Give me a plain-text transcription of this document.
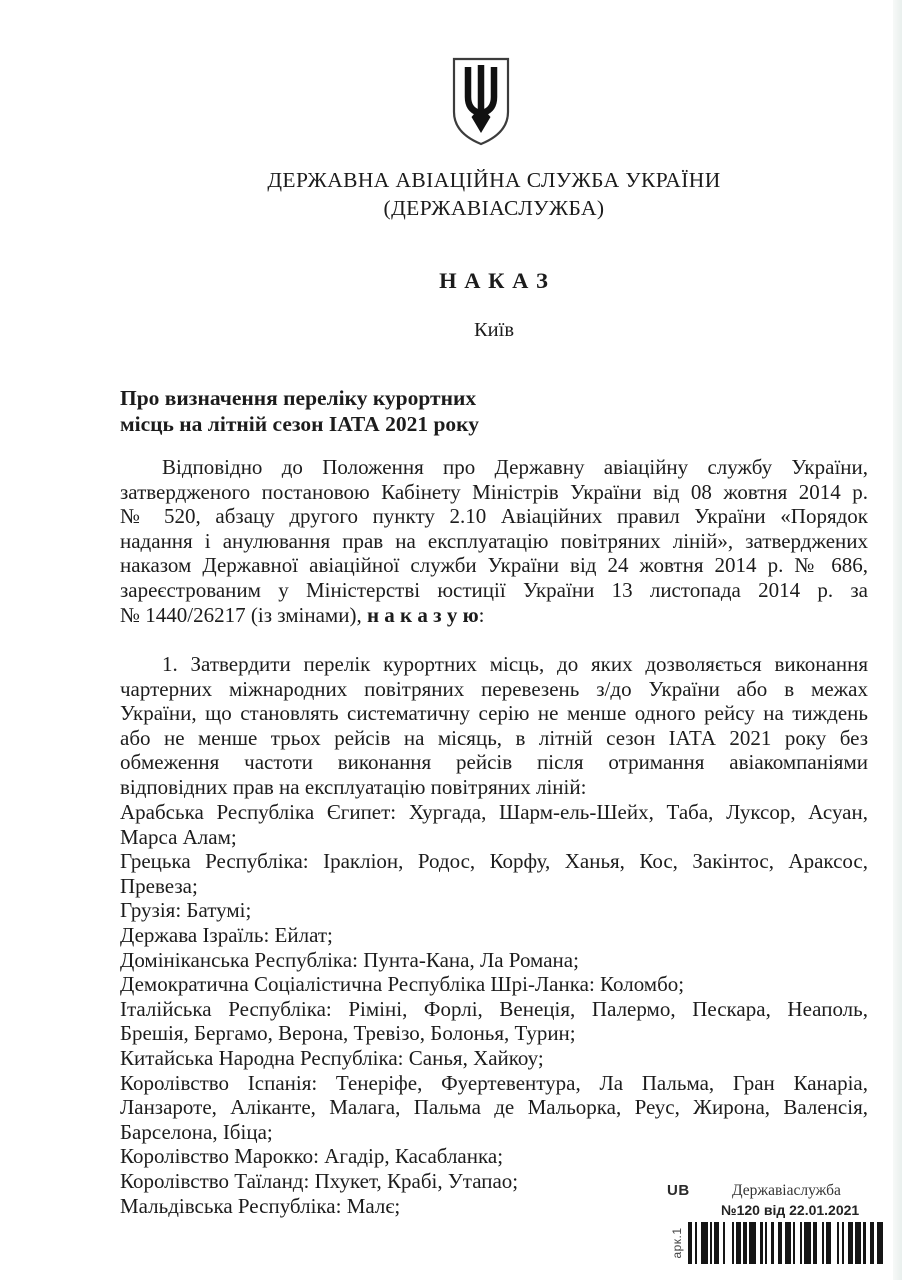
ДЕРЖАВНА АВІАЦІЙНА СЛУЖБА УКРАЇНИ
(ДЕРЖАВІАСЛУЖБА)
Н А К А З
Київ
Про визначення переліку курортних
місць на літній сезон ІАТА 2021 року
Відповідно до Положення про Державну авіаційну службу України,
затвердженого постановою Кабінету Міністрів України від 08 жовтня 2014 р.
№ 520, абзацу другого пункту 2.10 Авіаційних правил України «Порядок
надання і анулювання прав на експлуатацію повітряних ліній», затверджених
наказом Державної авіаційної служби України від 24 жовтня 2014 р. № 686,
зареєстрованим у Міністерстві юстиції України 13 листопада 2014 р. за
№ 1440/26217 (із змінами), н а к а з у ю:
1. Затвердити перелік курортних місць, до яких дозволяється виконання
чартерних міжнародних повітряних перевезень з/до України або в межах
України, що становлять систематичну серію не менше одного рейсу на тиждень
або не менше трьох рейсів на місяць, в літній сезон ІАТА 2021 року без
обмеження частоти виконання рейсів після отримання авіакомпаніями
відповідних прав на експлуатацію повітряних ліній:
Арабська Республіка Єгипет: Хургада, Шарм-ель-Шейх, Таба, Луксор, Асуан,
Марса Алам;
Грецька Республіка: Іракліон, Родос, Корфу, Ханья, Кос, Закінтос, Араксос,
Превеза;
Грузія: Батумі;
Держава Ізраїль: Ейлат;
Домініканська Республіка: Пунта-Кана, Ла Романа;
Демократична Соціалістична Республіка Шрі-Ланка: Коломбо;
Італійська Республіка: Ріміні, Форлі, Венеція, Палермо, Пескара, Неаполь,
Брешія, Бергамо, Верона, Тревізо, Болонья, Турин;
Китайська Народна Республіка: Санья, Хайкоу;
Королівство Іспанія: Тенеріфе, Фуертевентура, Ла Пальма, Гран Канаріа,
Ланзароте, Аліканте, Малага, Пальма де Мальорка, Реус, Жирона, Валенсія,
Барселона, Ібіца;
Королівство Марокко: Агадір, Касабланка;
Королівство Таїланд: Пхукет, Крабі, Утапао;
Мальдівська Республіка: Малє;
UB	Державіаслужба
№120 від 22.01.2021
арк.1
